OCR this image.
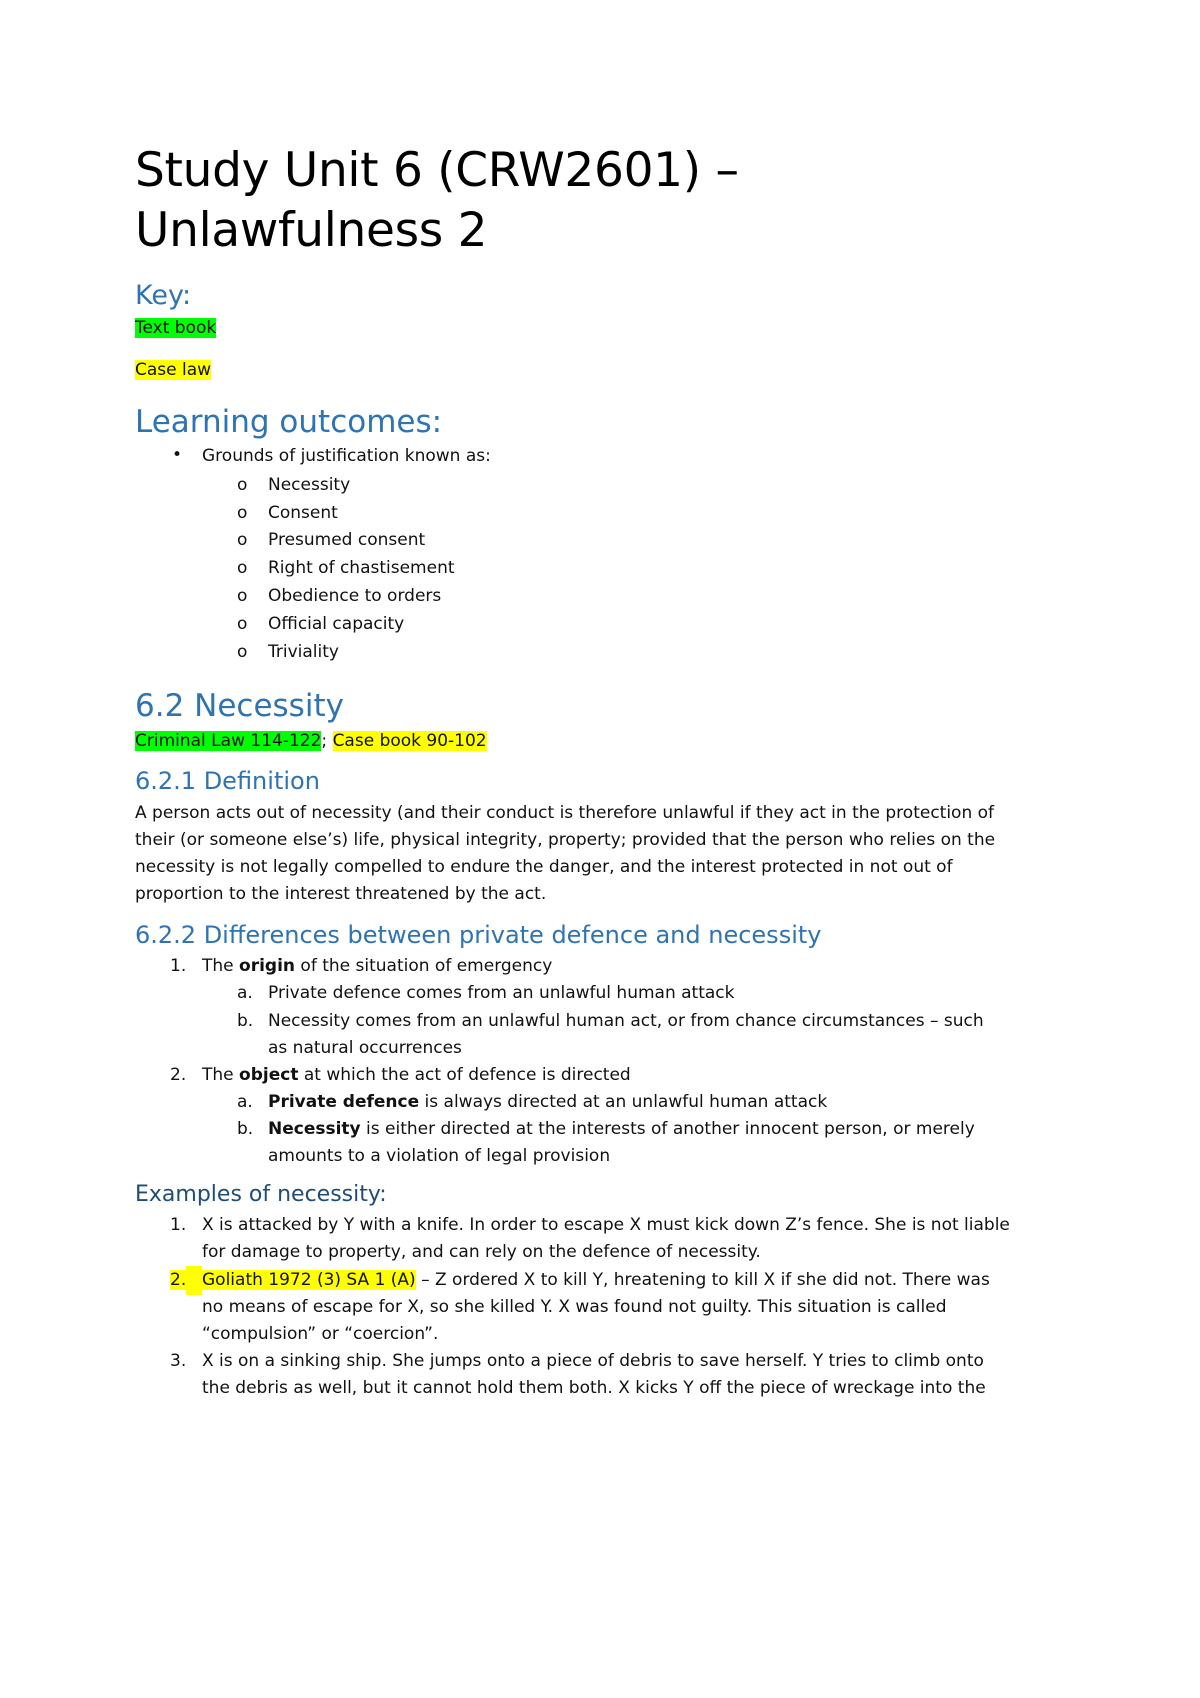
Study Unit 6 (CRW2601) –
Unlawfulness 2
Key:
Text book
Case law
Learning outcomes:
• Grounds of justification known as:
o Necessity
o Consent
o Presumed consent
o Right of chastisement
o Obedience to orders
o Official capacity
o Triviality
6.2 Necessity
Criminal Law 114-122; Case book 90-102
6.2.1 Definition
A person acts out of necessity (and their conduct is therefore unlawful if they act in the protection of
their (or someone else’s) life, physical integrity, property; provided that the person who relies on the
necessity is not legally compelled to endure the danger, and the interest protected in not out of
proportion to the interest threatened by the act.
6.2.2 Differences between private defence and necessity
1. The origin of the situation of emergency
a. Private defence comes from an unlawful human attack
b. Necessity comes from an unlawful human act, or from chance circumstances – such
as natural occurrences
2. The object at which the act of defence is directed
a. Private defence is always directed at an unlawful human attack
b. Necessity is either directed at the interests of another innocent person, or merely
amounts to a violation of legal provision
Examples of necessity:
1. X is attacked by Y with a knife. In order to escape X must kick down Z’s fence. She is not liable
for damage to property, and can rely on the defence of necessity.
2.
Goliath 1972 (3) SA 1 (A) – Z ordered X to kill Y, hreatening to kill X if she did not. There was
no means of escape for X, so she killed Y. X was found not guilty. This situation is called
“compulsion” or “coercion”.
3. X is on a sinking ship. She jumps onto a piece of debris to save herself. Y tries to climb onto
the debris as well, but it cannot hold them both. X kicks Y off the piece of wreckage into the
